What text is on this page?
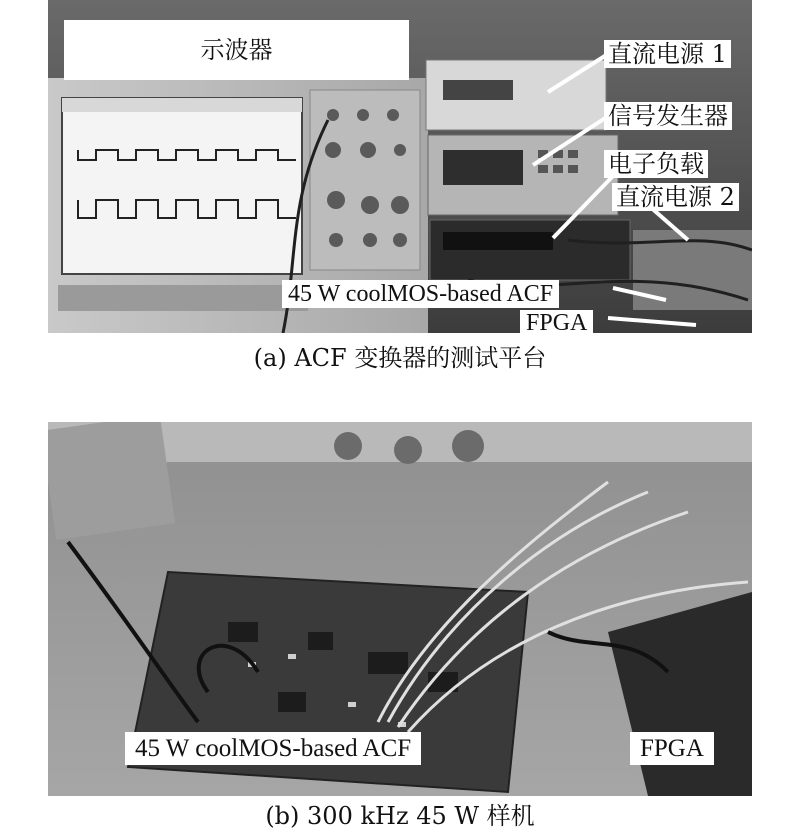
示波器	直流电源 1
信号发生器
电子负载
直流电源 2
45 W coolMOS-based ACF
FPGA
(a) ACF 变换器的测试平台
45 W coolMOS-based ACF	FPGA
(b) 300 kHz 45 W 样机
